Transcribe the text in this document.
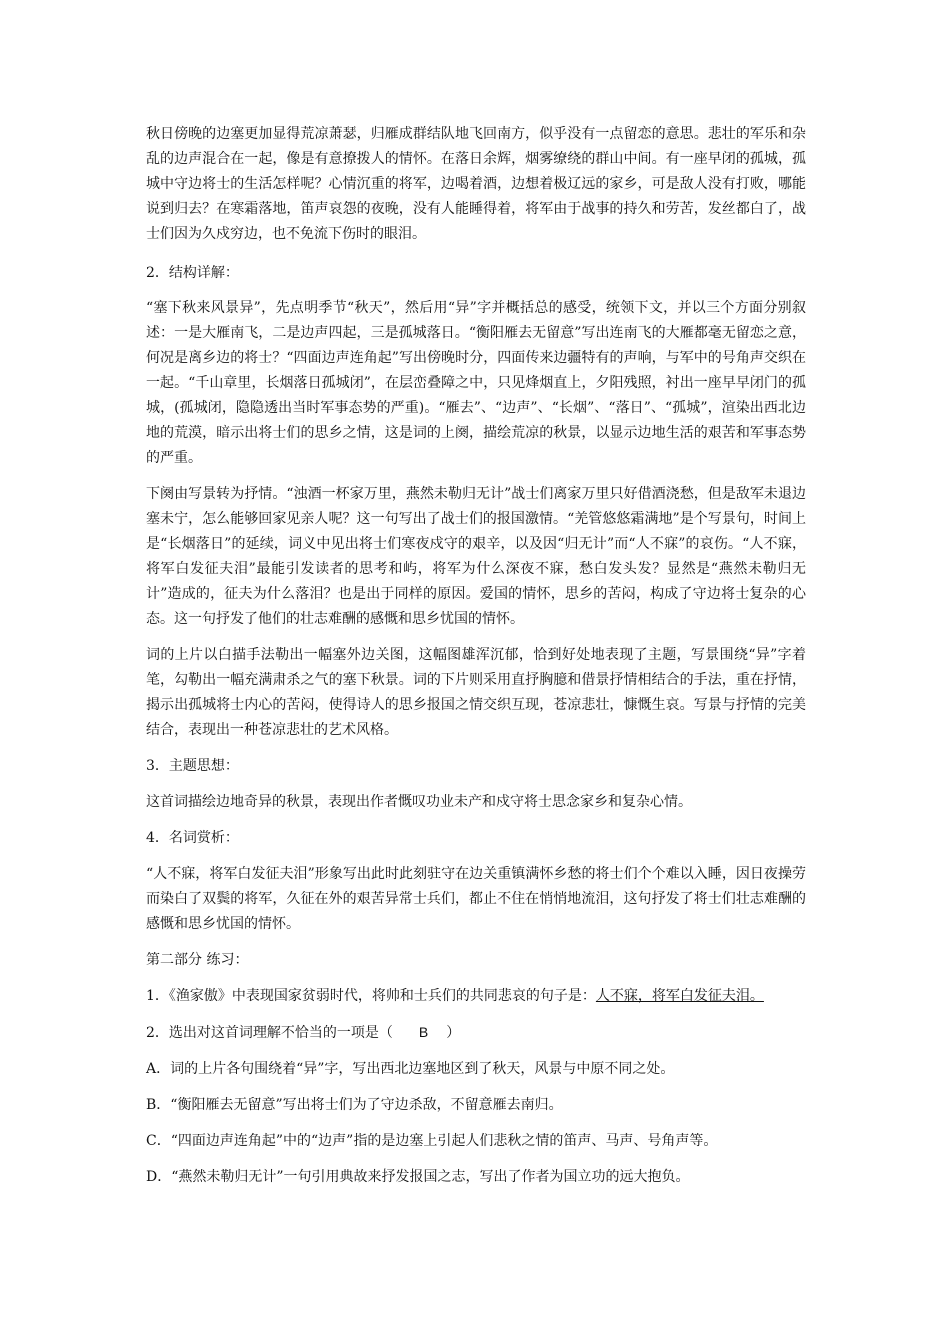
秋日傍晚的边塞更加显得荒凉萧瑟，归雁成群结队地飞回南方，似乎没有一点留恋的意思。悲壮的军乐和杂乱的边声混合在一起，像是有意撩拨人的情怀。在落日余辉，烟雾缭绕的群山中间。有一座早闭的孤城，孤城中守边将士的生活怎样呢？心情沉重的将军，边喝着酒，边想着极辽远的家乡，可是敌人没有打败，哪能说到归去？在寒霜落地，笛声哀怨的夜晚，没有人能睡得着，将军由于战事的持久和劳苦，发丝都白了，战士们因为久戍穷边，也不免流下伤时的眼泪。

2．结构详解：

“塞下秋来风景异”，先点明季节“秋天”，然后用“异”字并概括总的感受，统领下文，并以三个方面分别叙述：一是大雁南飞，二是边声四起，三是孤城落日。“衡阳雁去无留意”写出连南飞的大雁都毫无留恋之意，何况是离乡边的将士？“四面边声连角起”写出傍晚时分，四面传来边疆特有的声响，与军中的号角声交织在一起。“千山章里，长烟落日孤城闭”，在层峦叠障之中，只见烽烟直上，夕阳残照，衬出一座早早闭门的孤城，(孤城闭，隐隐透出当时军事态势的严重)。“雁去”、“边声”、“长烟”、“落日”、“孤城”，渲染出西北边地的荒漠，暗示出将士们的思乡之情，这是词的上阕，描绘荒凉的秋景，以显示边地生活的艰苦和军事态势的严重。

下阕由写景转为抒情。“浊酒一杯家万里，燕然未勒归无计”战士们离家万里只好借酒浇愁，但是敌军未退边塞未宁，怎么能够回家见亲人呢？这一句写出了战士们的报国激情。“羌管悠悠霜满地”是个写景句，时间上是“长烟落日”的延续，词义中见出将士们寒夜戍守的艰辛，以及因“归无计”而“人不寐”的哀伤。“人不寐，将军白发征夫泪”最能引发读者的思考和屿，将军为什么深夜不寐，愁白发头发？显然是“燕然未勒归无计”造成的，征夫为什么落泪？也是出于同样的原因。爱国的情怀，思乡的苦闷，构成了守边将士复杂的心态。这一句抒发了他们的壮志难酬的感慨和思乡忧国的情怀。

词的上片以白描手法勒出一幅塞外边关图，这幅图雄浑沉郁，恰到好处地表现了主题，写景围绕“异”字着笔，勾勒出一幅充满肃杀之气的塞下秋景。词的下片则采用直抒胸臆和借景抒情相结合的手法，重在抒情，揭示出孤城将士内心的苦闷，使得诗人的思乡报国之情交织互现，苍凉悲壮，慷慨生哀。写景与抒情的完美结合，表现出一种苍凉悲壮的艺术风格。

3．主题思想：

这首词描绘边地奇异的秋景，表现出作者慨叹功业未产和戍守将士思念家乡和复杂心情。

4．名词赏析：

“人不寐，将军白发征夫泪”形象写出此时此刻驻守在边关重镇满怀乡愁的将士们个个难以入睡，因日夜操劳而染白了双鬓的将军，久征在外的艰苦异常士兵们，都止不住在悄悄地流泪，这句抒发了将士们壮志难酬的感慨和思乡忧国的情怀。

第二部分 练习：

1．《渔家傲》中表现国家贫弱时代，将帅和士兵们的共同悲哀的句子是：人不寐，将军白发征夫泪。

2．选出对这首词理解不恰当的一项是（ B ）

A．词的上片各句围绕着“异”字，写出西北边塞地区到了秋天，风景与中原不同之处。

B．“衡阳雁去无留意”写出将士们为了守边杀敌，不留意雁去南归。

C．“四面边声连角起”中的“边声”指的是边塞上引起人们悲秋之情的笛声、马声、号角声等。

D．“燕然未勒归无计”一句引用典故来抒发报国之志，写出了作者为国立功的远大抱负。
